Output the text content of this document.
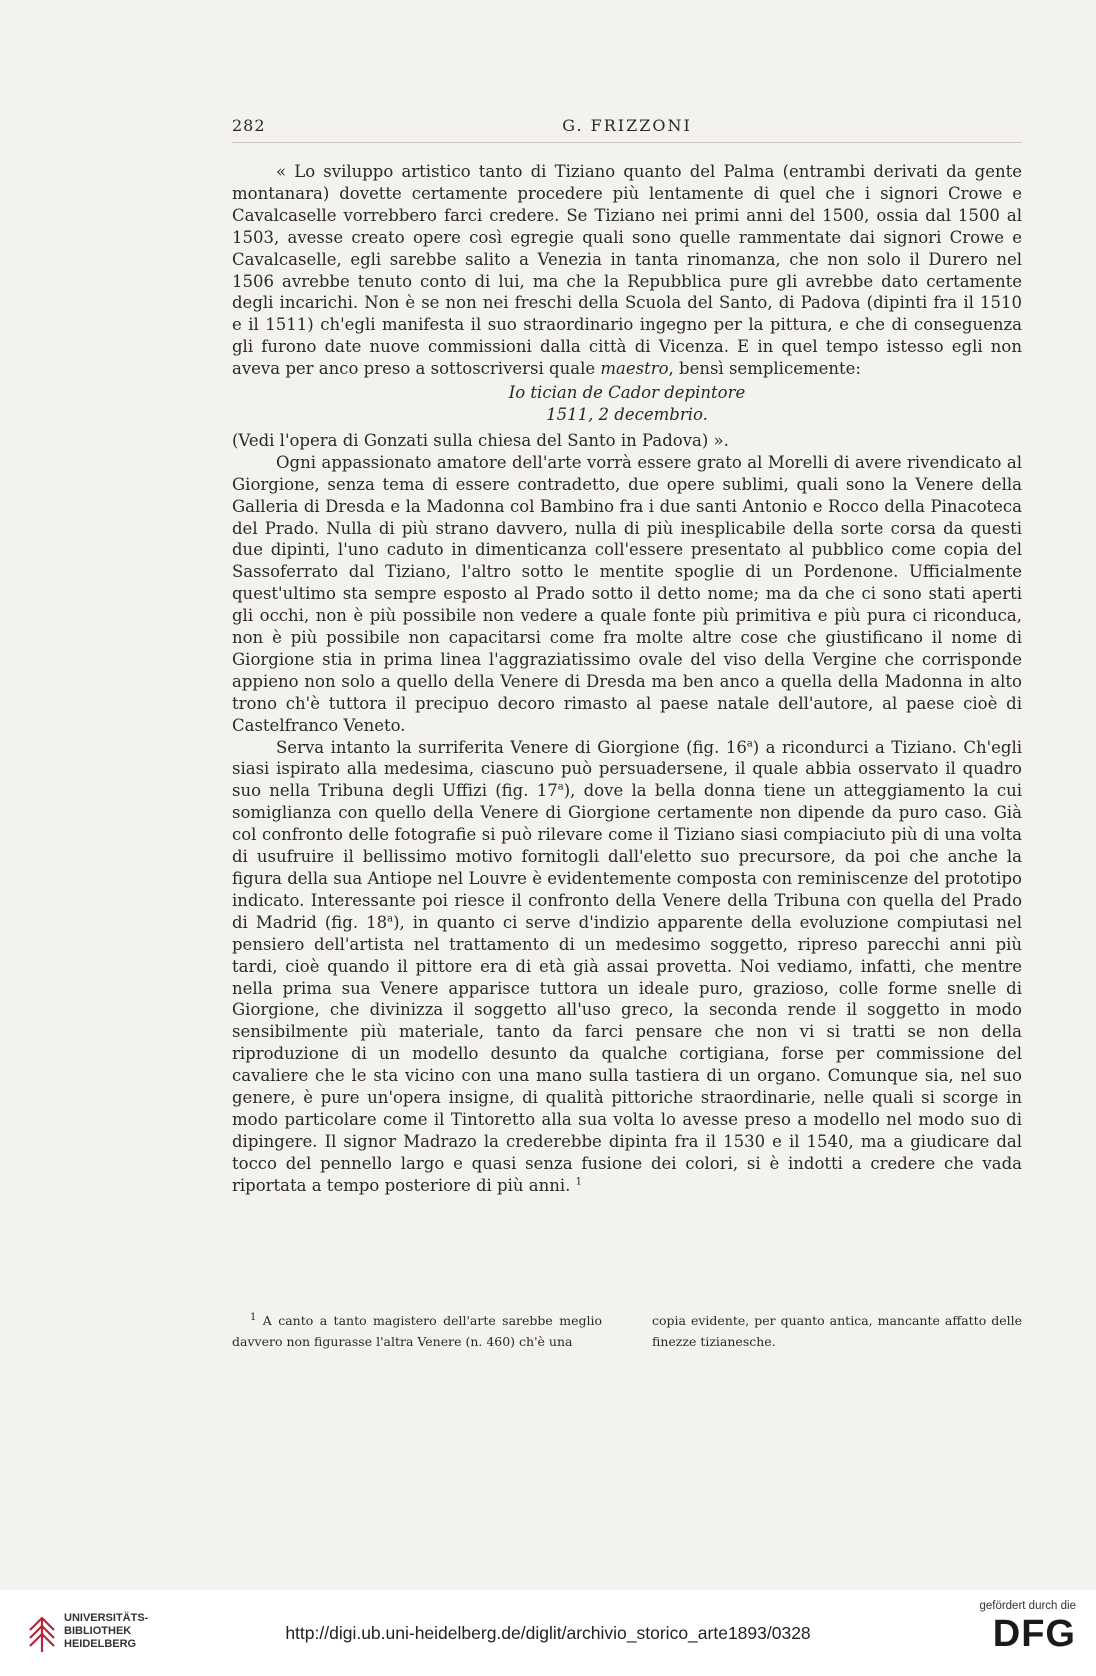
282	G. FRIZZONI

« Lo sviluppo artistico tanto di Tiziano quanto del Palma (entrambi derivati da gente montanara) dovette certamente procedere più lentamente di quel che i signori Crowe e Cavalcaselle vorrebbero farci credere. Se Tiziano nei primi anni del 1500, ossia dal 1500 al 1503, avesse creato opere così egregie quali sono quelle rammentate dai signori Crowe e Cavalcaselle, egli sarebbe salito a Venezia in tanta rinomanza, che non solo il Durero nel 1506 avrebbe tenuto conto di lui, ma che la Repubblica pure gli avrebbe dato certamente degli incarichi. Non è se non nei freschi della Scuola del Santo, di Padova (dipinti fra il 1510 e il 1511) ch'egli manifesta il suo straordinario ingegno per la pittura, e che di conseguenza gli furono date nuove commissioni dalla città di Vicenza. E in quel tempo istesso egli non aveva per anco preso a sottoscriversi quale maestro, bensì semplicemente:

Io tician de Cador depintore
1511, 2 decembrio.

(Vedi l'opera di Gonzati sulla chiesa del Santo in Padova) ».

Ogni appassionato amatore dell'arte vorrà essere grato al Morelli di avere rivendicato al Giorgione, senza tema di essere contradetto, due opere sublimi, quali sono la Venere della Galleria di Dresda e la Madonna col Bambino fra i due santi Antonio e Rocco della Pinacoteca del Prado. Nulla di più strano davvero, nulla di più inesplicabile della sorte corsa da questi due dipinti, l'uno caduto in dimenticanza coll'essere presentato al pubblico come copia del Sassoferrato dal Tiziano, l'altro sotto le mentite spoglie di un Pordenone. Ufficialmente quest'ultimo sta sempre esposto al Prado sotto il detto nome; ma da che ci sono stati aperti gli occhi, non è più possibile non vedere a quale fonte più primitiva e più pura ci riconduca, non è più possibile non capacitarsi come fra molte altre cose che giustificano il nome di Giorgione stia in prima linea l'aggraziatissimo ovale del viso della Vergine che corrisponde appieno non solo a quello della Venere di Dresda ma ben anco a quella della Madonna in alto trono ch'è tuttora il precipuo decoro rimasto al paese natale dell'autore, al paese cioè di Castelfranco Veneto.

Serva intanto la surriferita Venere di Giorgione (fig. 16$^a$) a ricondurci a Tiziano. Ch'egli siasi ispirato alla medesima, ciascuno può persuadersene, il quale abbia osservato il quadro suo nella Tribuna degli Uffizi (fig. 17$^a$), dove la bella donna tiene un atteggiamento la cui somiglianza con quello della Venere di Giorgione certamente non dipende da puro caso. Già col confronto delle fotografie si può rilevare come il Tiziano siasi compiaciuto più di una volta di usufruire il bellissimo motivo fornitogli dall'eletto suo precursore, da poi che anche la figura della sua Antiope nel Louvre è evidentemente composta con reminiscenze del prototipo indicato. Interessante poi riesce il confronto della Venere della Tribuna con quella del Prado di Madrid (fig. 18$^a$), in quanto ci serve d'indizio apparente della evoluzione compiutasi nel pensiero dell'artista nel trattamento di un medesimo soggetto, ripreso parecchi anni più tardi, cioè quando il pittore era di età già assai provetta. Noi vediamo, infatti, che mentre nella prima sua Venere apparisce tuttora un ideale puro, grazioso, colle forme snelle di Giorgione, che divinizza il soggetto all'uso greco, la seconda rende il soggetto in modo sensibilmente più materiale, tanto da farci pensare che non vi si tratti se non della riproduzione di un modello desunto da qualche cortigiana, forse per commissione del cavaliere che le sta vicino con una mano sulla tastiera di un organo. Comunque sia, nel suo genere, è pure un'opera insigne, di qualità pittoriche straordinarie, nelle quali si scorge in modo particolare come il Tintoretto alla sua volta lo avesse preso a modello nel modo suo di dipingere. Il signor Madrazo la crederebbe dipinta fra il 1530 e il 1540, ma a giudicare dal tocco del pennello largo e quasi senza fusione dei colori, si è indotti a credere che vada riportata a tempo posteriore di più anni. $^1$

$^1$ A canto a tanto magistero dell'arte sarebbe meglio davvero non figurasse l'altra Venere (n. 460) ch'è una
copia evidente, per quanto antica, mancante affatto delle finezze tizianesche.
UNIVERSITÄTS-
BIBLIOTHEK
HEIDELBERG
http://digi.ub.uni-heidelberg.de/diglit/archivio_storico_arte1893/0328
gefördert durch die
DFG
